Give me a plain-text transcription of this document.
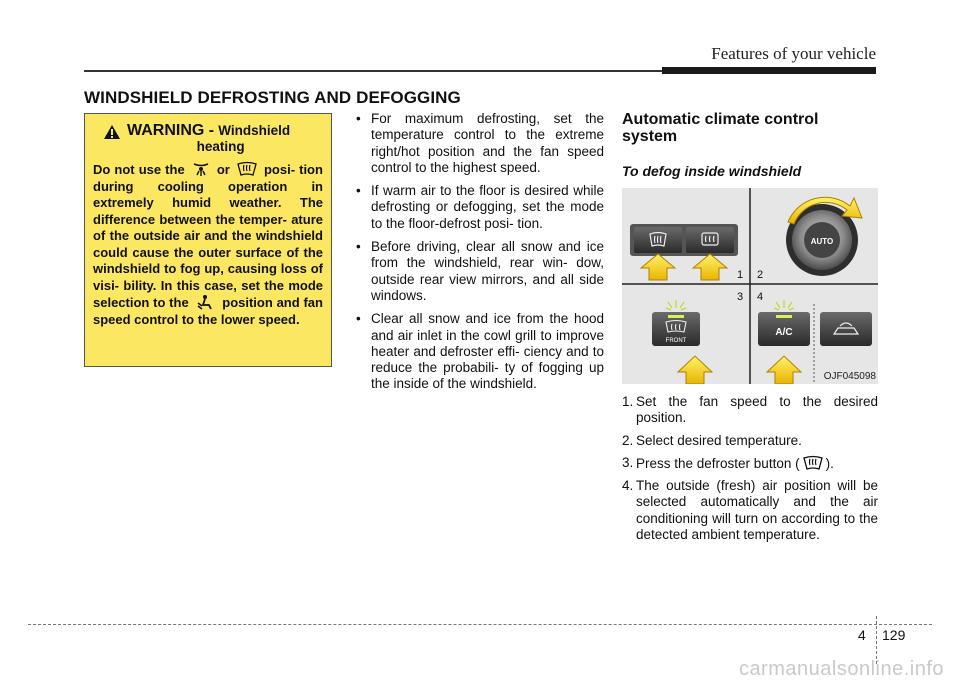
Features of your vehicle
WINDSHIELD DEFROSTING AND DEFOGGING
WARNING - Windshield
heating
Do not use the or	posi- tion during cooling operation in extremely humid weather. The difference between the temper- ature of the outside air and the windshield could cause the outer surface of the windshield to fog up, causing loss of visi- bility. In this case, set the mode selection to the	position and fan speed control to the lower speed.
• For maximum defrosting, set the temperature control to the extreme right/hot position and the fan speed control to the highest speed.
• If warm air to the floor is desired while defrosting or defogging, set the mode to the floor-defrost posi- tion.
• Before driving, clear all snow and ice from the windshield, rear win- dow, outside rear view mirrors, and all side windows.
• Clear all snow and ice from the hood and air inlet in the cowl grill to improve heater and defroster effi- ciency and to reduce the probabili- ty of fogging up the inside of the windshield.
Automatic climate control system
To defog inside windshield
AUTO
1 2
3 4
FRONT
A/C
OJF045098
1. Set the fan speed to the desired position.
2. Select desired temperature.
3. Press the defroster button ( ).
4. The outside (fresh) air position will be selected automatically and the air conditioning will turn on according to the detected ambient temperature.
4 129
carmanualsonline.info
